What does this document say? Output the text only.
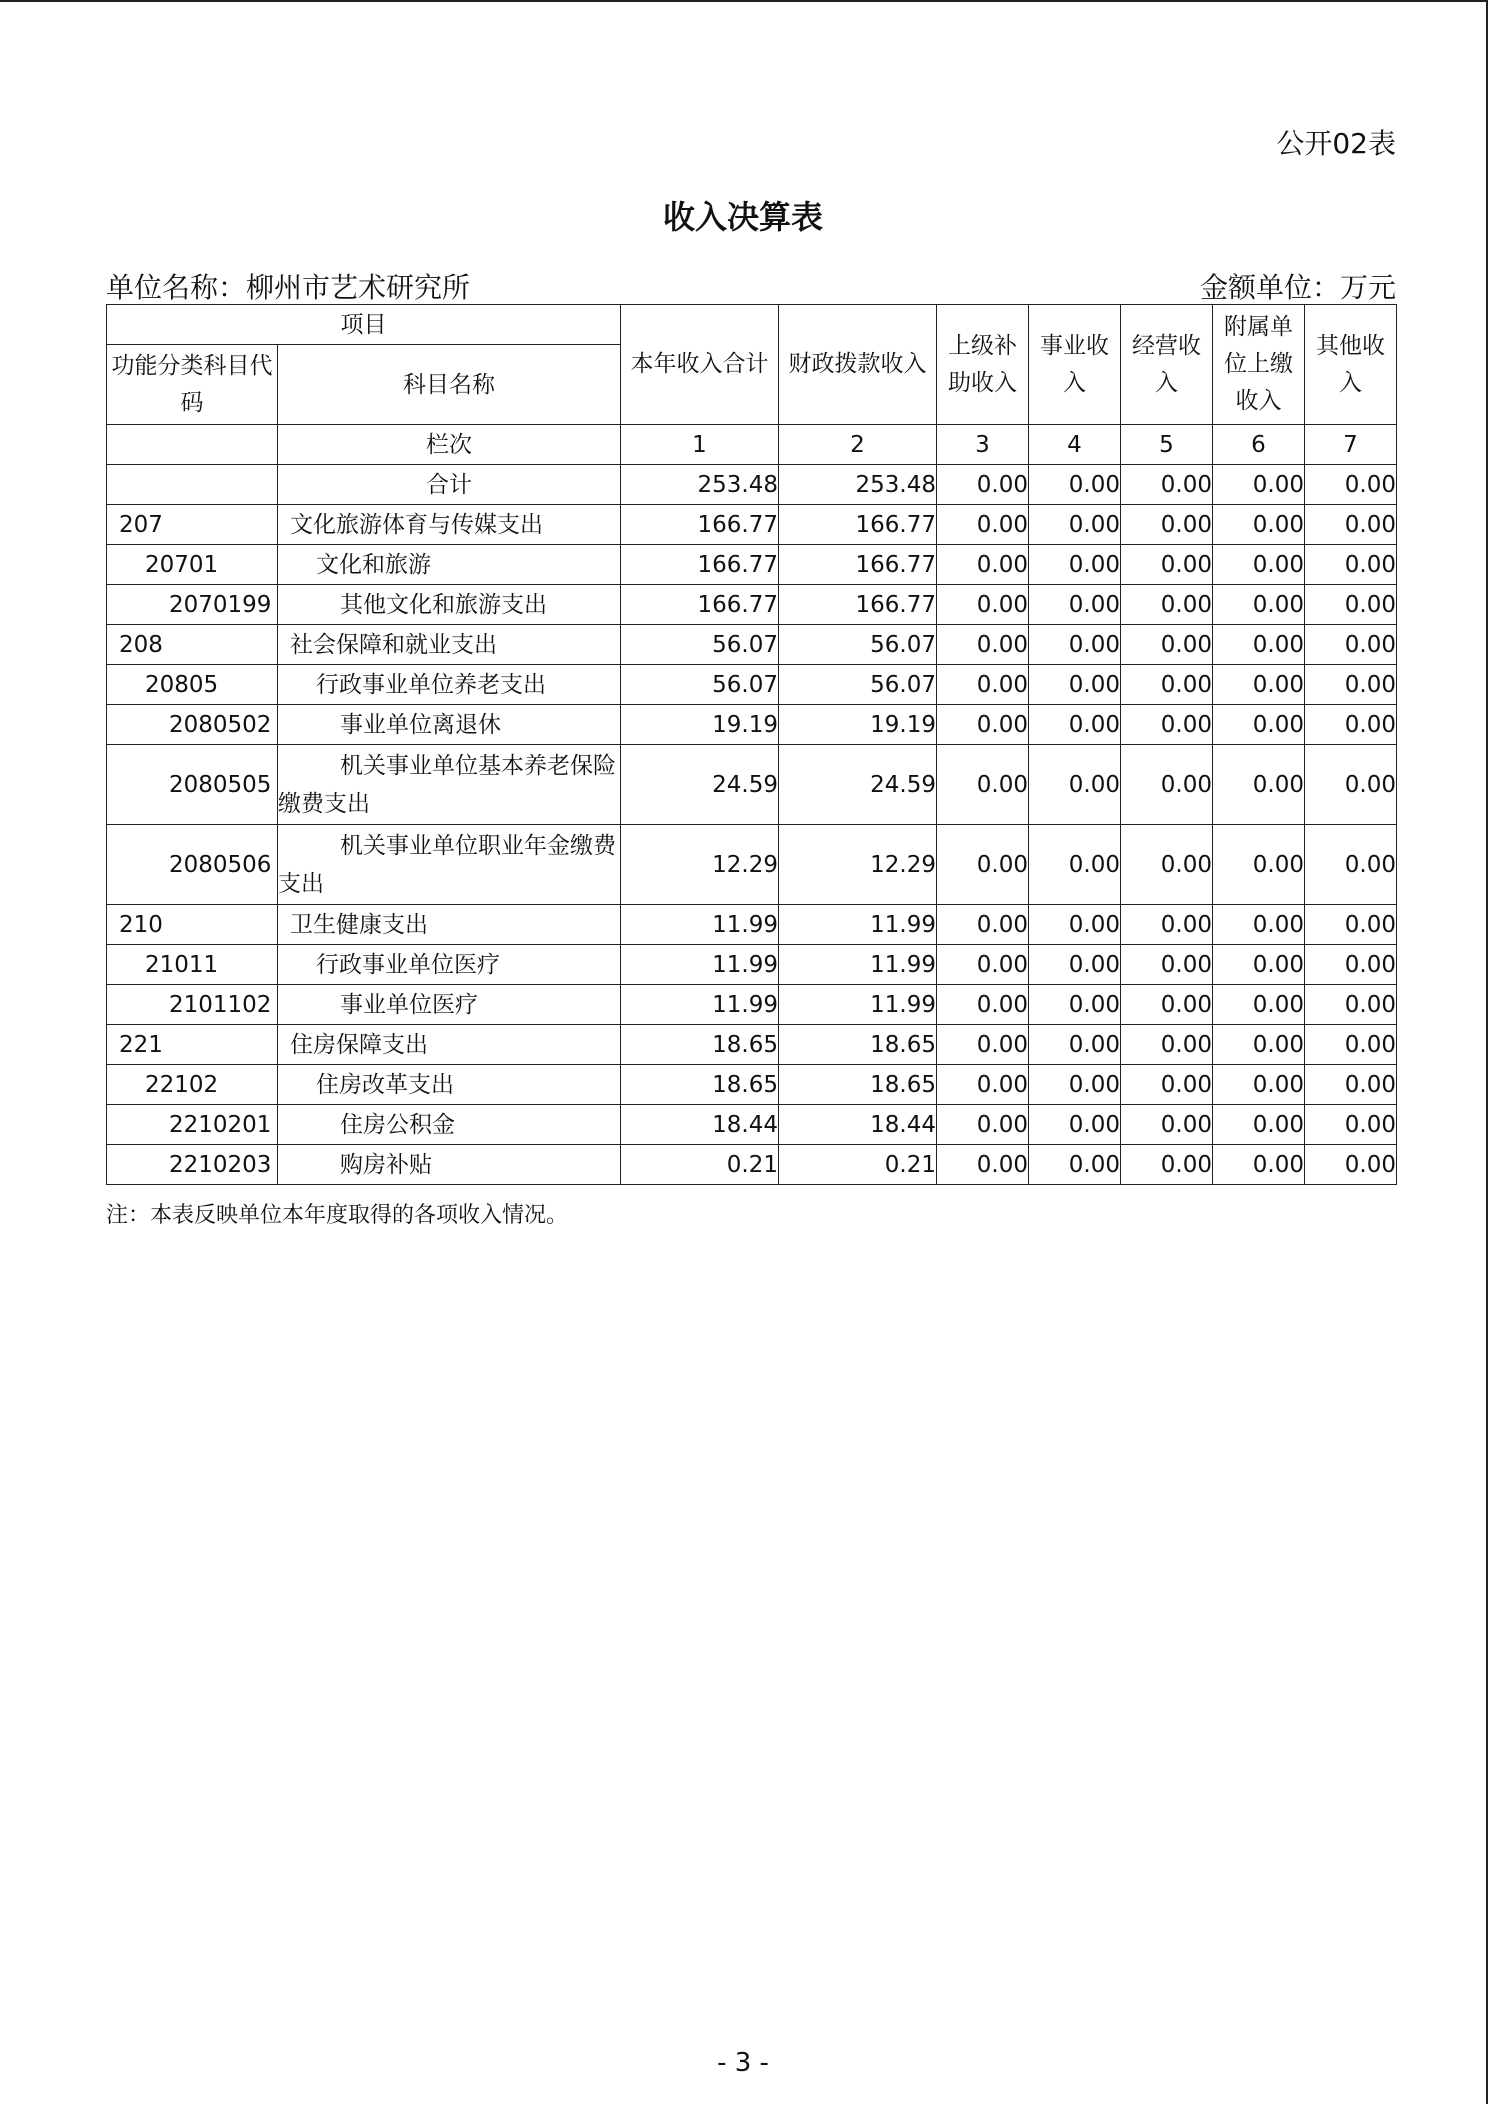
公开02表
收入决算表
单位名称：柳州市艺术研究所	金额单位：万元
项目		本年收入合计	财政拨款收入	上级补助收入	事业收入	经营收入	附属单位上缴收入	其他收入
功能分类科目代码	科目名称							
	栏次	1	2	3	4	5	6	7
	合计	253.48	253.48	0.00	0.00	0.00	0.00	0.00
207	文化旅游体育与传媒支出	166.77	166.77	0.00	0.00	0.00	0.00	0.00
20701	文化和旅游	166.77	166.77	0.00	0.00	0.00	0.00	0.00
2070199	其他文化和旅游支出	166.77	166.77	0.00	0.00	0.00	0.00	0.00
208	社会保障和就业支出	56.07	56.07	0.00	0.00	0.00	0.00	0.00
20805	行政事业单位养老支出	56.07	56.07	0.00	0.00	0.00	0.00	0.00
2080502	事业单位离退休	19.19	19.19	0.00	0.00	0.00	0.00	0.00
2080505	机关事业单位基本养老保险缴费支出	24.59	24.59	0.00	0.00	0.00	0.00	0.00
2080506	机关事业单位职业年金缴费支出	12.29	12.29	0.00	0.00	0.00	0.00	0.00
210	卫生健康支出	11.99	11.99	0.00	0.00	0.00	0.00	0.00
21011	行政事业单位医疗	11.99	11.99	0.00	0.00	0.00	0.00	0.00
2101102	事业单位医疗	11.99	11.99	0.00	0.00	0.00	0.00	0.00
221	住房保障支出	18.65	18.65	0.00	0.00	0.00	0.00	0.00
22102	住房改革支出	18.65	18.65	0.00	0.00	0.00	0.00	0.00
2210201	住房公积金	18.44	18.44	0.00	0.00	0.00	0.00	0.00
2210203	购房补贴	0.21	0.21	0.00	0.00	0.00	0.00	0.00
注：本表反映单位本年度取得的各项收入情况。
- 3 -
